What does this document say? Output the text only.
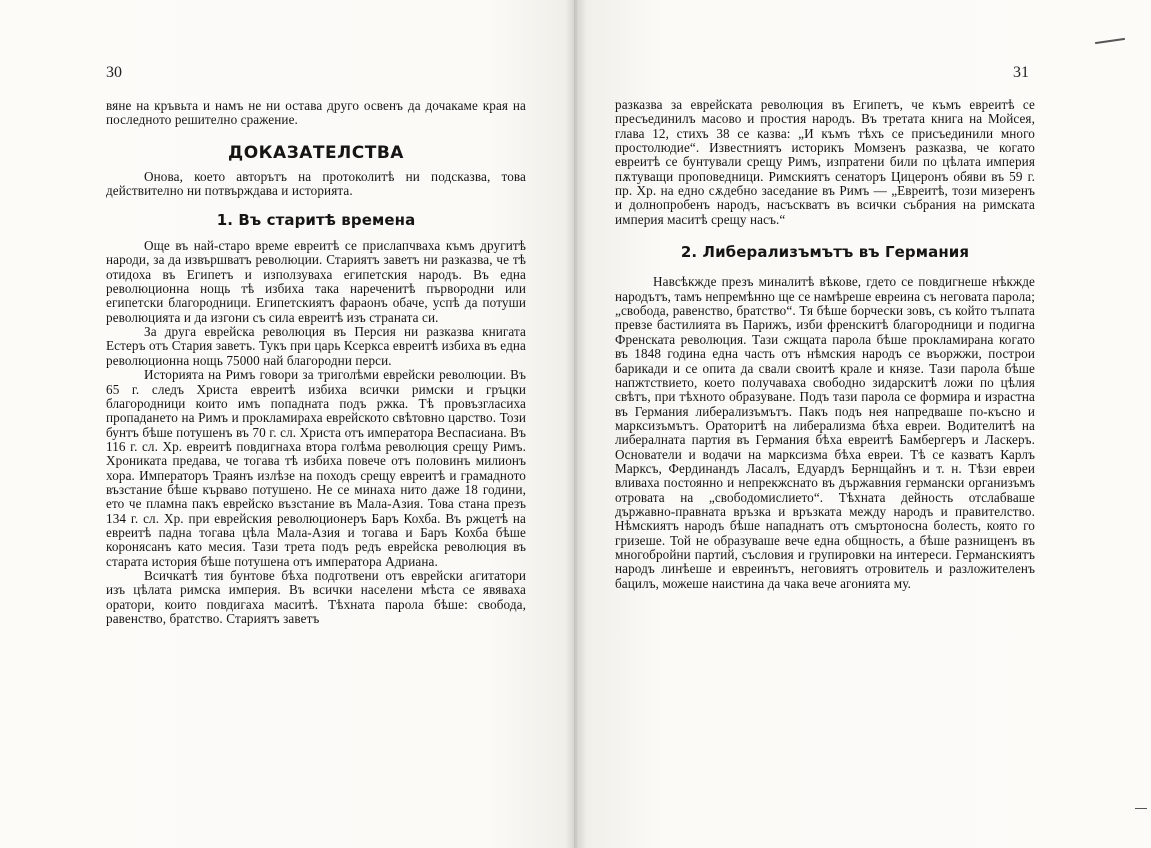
30

вяне на кръвьта и намъ не ни остава друго освенъ да дочакаме края на последното решително сражение.

ДОКАЗАТЕЛСТВА

Онова, което авторътъ на протоколитѣ ни подсказва, това действително ни потвърждава и историята.

1. Въ старитѣ времена

Още въ най-старо време евреитѣ се прислапчваха къмъ другитѣ народи, за да извършватъ революции. Стариятъ заветъ ни разказва, че тѣ отидоха въ Египетъ и използуваха египетския народъ. Въ една революционна нощь тѣ избиха така нареченитѣ първородни или египетски благородници. Египетскиятъ фараонъ обаче, успѣ да потуши революцията и да изгони съ сила евреитѣ изъ страната си.

За друга еврейска революция въ Персия ни разказва книгата Естеръ отъ Стария заветъ. Тукъ при царь Ксеркса евреитѣ избиха въ една революционна нощь 75000 най благородни перси.

Историята на Римъ говори за триголѣми еврейски революции. Въ 65 г. следъ Христа евреитѣ избиха всички римски и гръцки благородници които имъ попадната подъ ржка. Тѣ провъзгласиха пропадането на Римъ и прокламираха еврейското свѣтовно царство. Този бунтъ бѣше потушенъ въ 70 г. сл. Христа отъ императора Веспасиана. Въ 116 г. сл. Хр. евреитѣ повдигнаха втора голѣма революция срещу Римъ. Хрониката предава, че тогава тѣ избиха повече отъ половинъ милионъ хора. Императоръ Траянъ излѣзе на походъ срещу евреитѣ и грамадното възстание бѣше кърваво потушено. Не се минаха нито даже 18 години, ето че пламна пакъ еврейско възстание въ Мала-Азия. Това стана презъ 134 г. сл. Хр. при еврейския революционеръ Баръ Кохба. Въ ржцетѣ на евреитѣ падна тогава цѣла Мала-Азия и тогава и Баръ Кохба бѣше коронясанъ като месия. Тази трета подъ редъ еврейска революция въ старата история бѣше потушена отъ императора Адриана.

Всичкатѣ тия бунтове бѣха подготвени отъ еврейски агитатори изъ цѣлата римска империя. Въ всички населени мѣста се явяваха оратори, които повдигаха маситѣ. Тѣхната парола бѣше: свобода, равенство, братство. Стариятъ заветъ

31

разказва за еврейската революция въ Египетъ, че къмъ евреитѣ се пресъединилъ масово и простия народъ. Въ третата книга на Мойсея, глава 12, стихъ 38 се казва: „И къмъ тѣхъ се присъединили много простолюдие“. Известниятъ историкъ Момзенъ разказва, че когато евреитѣ се бунтували срещу Римъ, изпратени били по цѣлата империя пѫтуващи проповедници. Римскиятъ сенаторъ Цицеронъ обяви въ 59 г. пр. Хр. на едно сѫдебно заседание въ Римъ — „Евреитѣ, този мизеренъ и долнопробенъ народъ, насъскватъ въ всички събрания на римската империя маситѣ срещу насъ.“

2. Либерализъмътъ въ Германия

Навсѣкжде презъ миналитѣ вѣкове, гдето се повдигнеше нѣкжде народътъ, тамъ непремѣнно ще се намѣреше евреина съ неговата парола; „свобода, равенство, братство“. Тя бѣше борчески зовъ, съ който тълпата превзе бастилията въ Парижъ, изби френскитѣ благородници и подигна Френската революция. Тази сжщата парола бѣше прокламирана когато въ 1848 година една часть отъ нѣмския народъ се въоржжи, построи барикади и се опита да свали своитѣ крале и князе. Тази парола бѣше напжтствието, което получаваха свободно зидарскитѣ ложи по цѣлия свѣтъ, при тѣхното образуване. Подъ тази парола се формира и израстна въ Германия либерализъмътъ. Пакъ подъ нея напредваше по-късно и марксизъмътъ. Ораторитѣ на либерализма бѣха евреи. Водителитѣ на либералната партия въ Германия бѣха евреитѣ Бамбергеръ и Ласкеръ. Основатели и водачи на марксизма бѣха евреи. Тѣ се казватъ Карлъ Марксъ, Фердинандъ Ласалъ, Едуардъ Бернщайнъ и т. н. Тѣзи евреи вливаха постоянно и непрекжснато въ държавния германски организъмъ отровата на „свободомислието“. Тѣхната дейность отслабваше държавно-правната връзка и връзката между народъ и правителство. Нѣмскиятъ народъ бѣше нападнатъ отъ смъртоносна болесть, която го гризеше. Той не образуваше вече една общность, а бѣше разнищенъ въ многобройни партий, съсловия и групировки на интереси. Германскиятъ народъ линѣеше и евреинътъ, неговиятъ отровитель и разложителенъ бацилъ, можеше наистина да чака вече агонията му.
